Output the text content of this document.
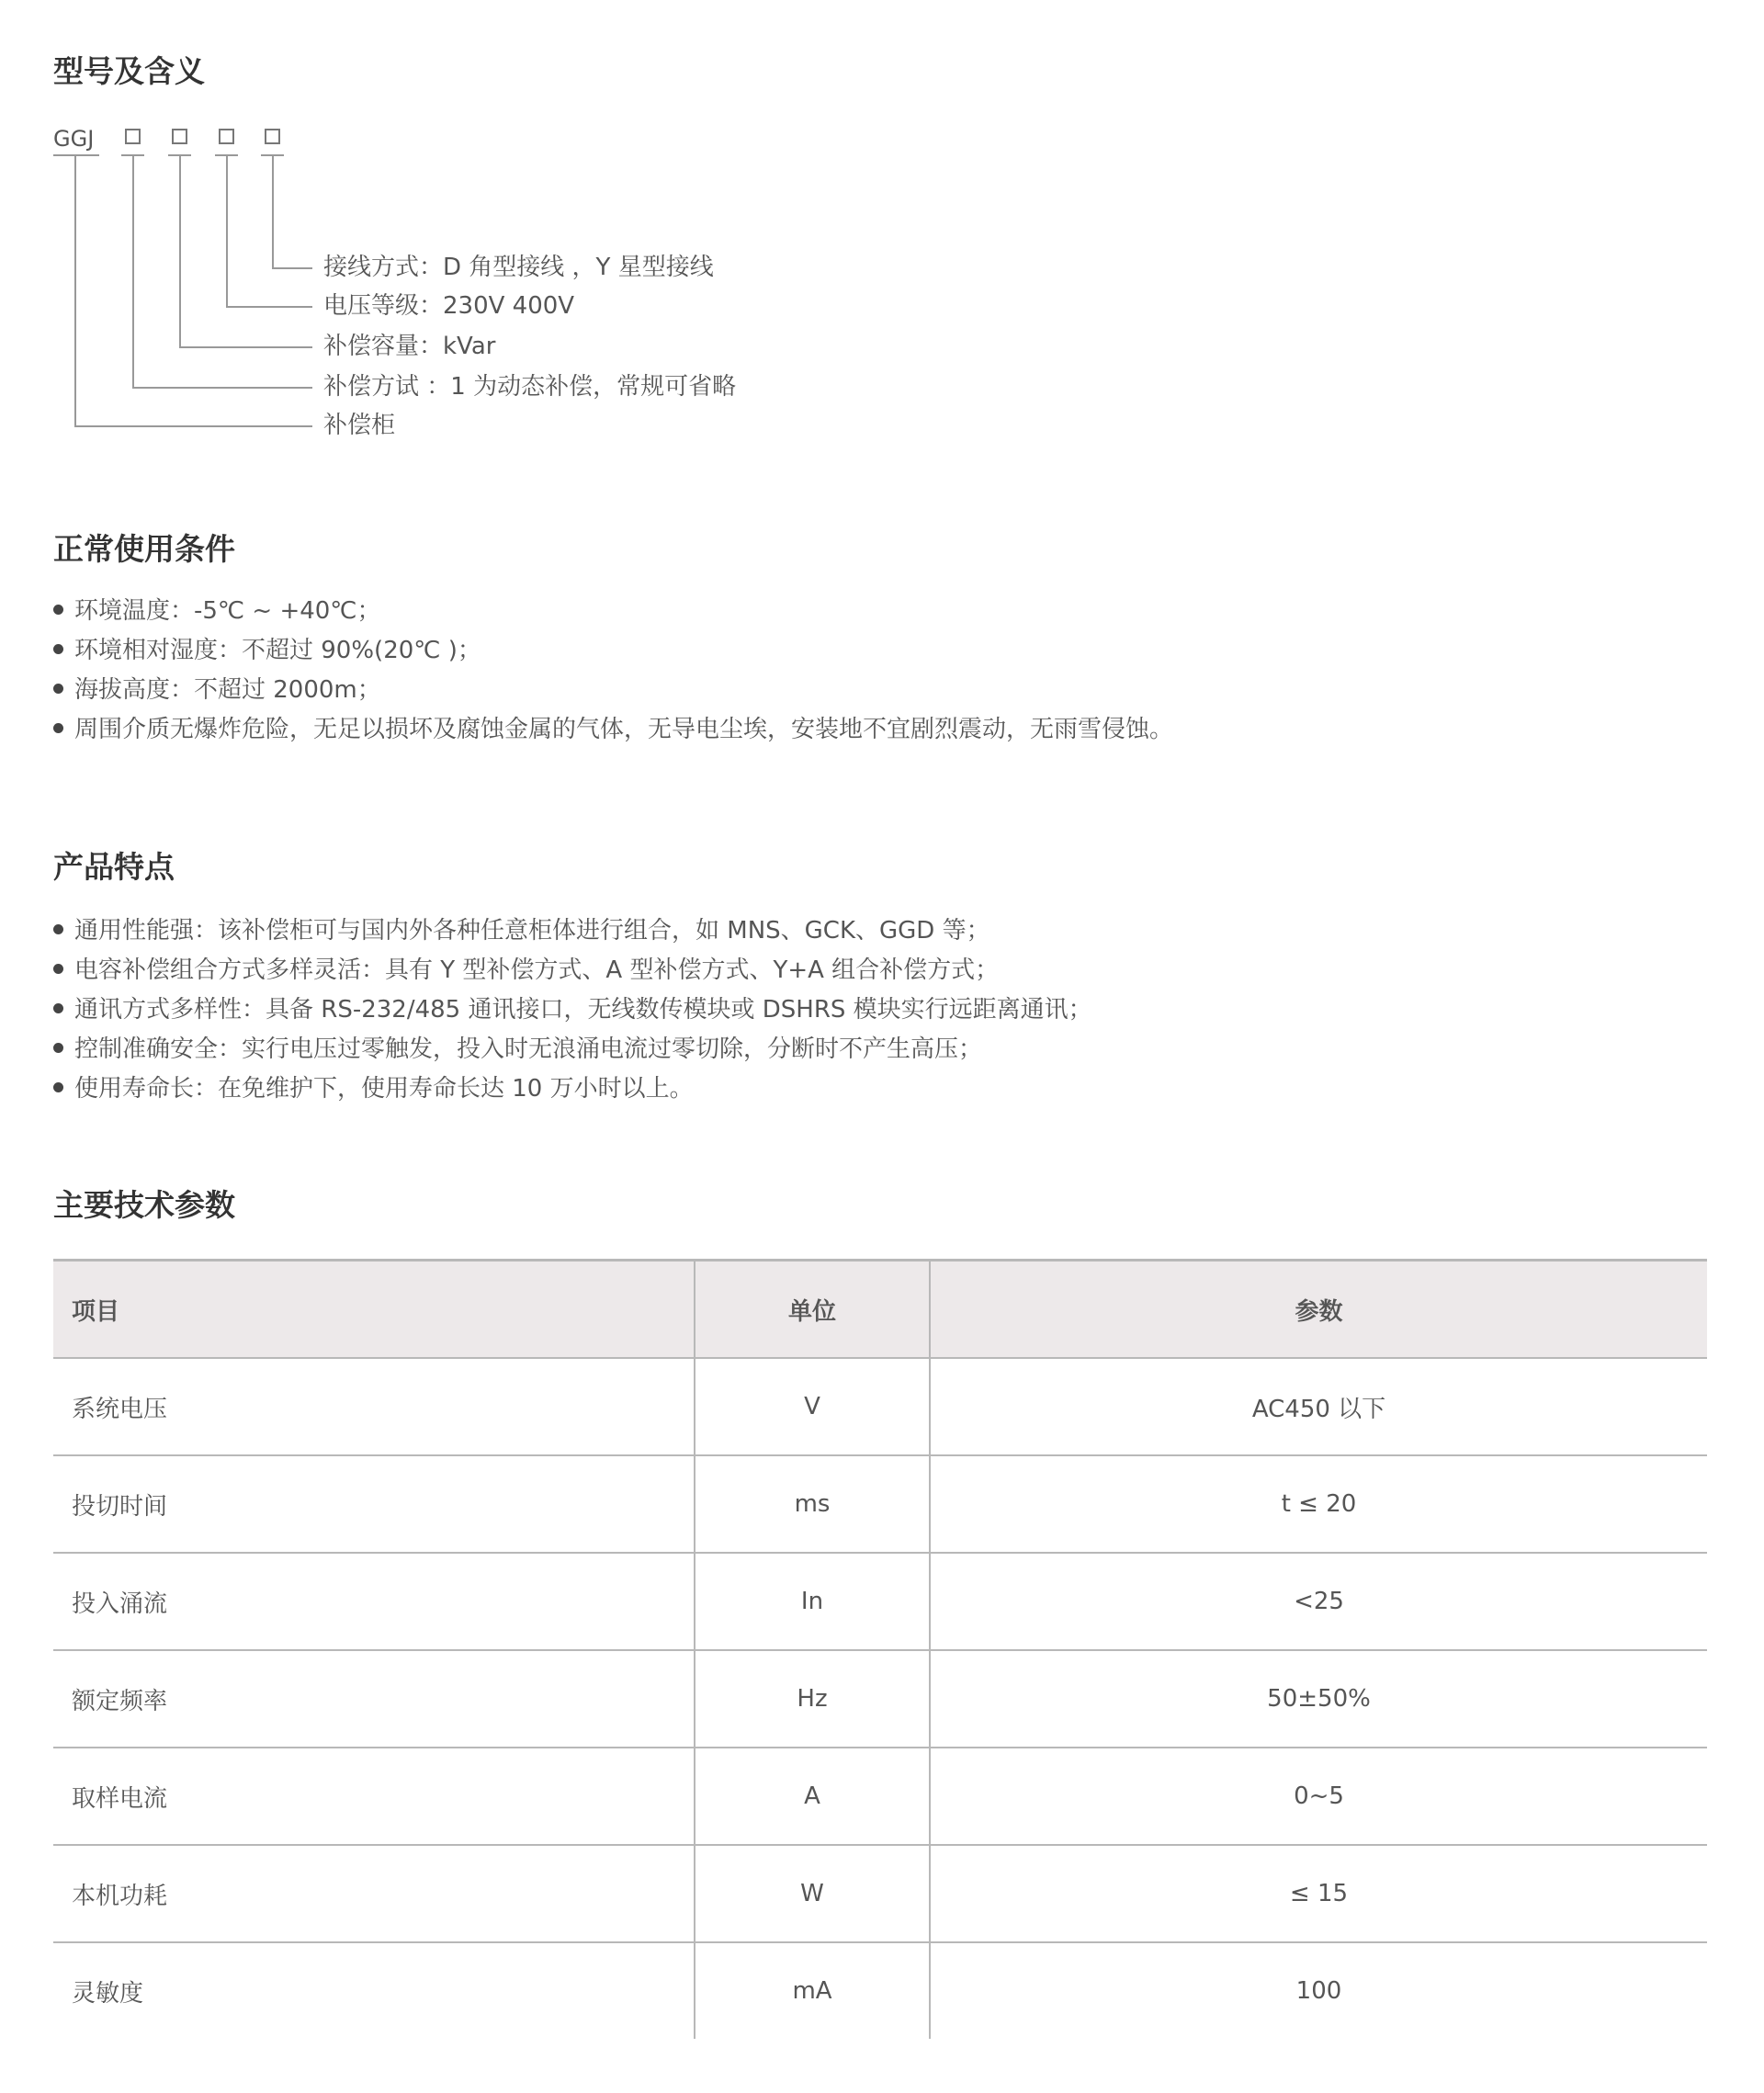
型号及含义
GGJ
接线方式：D 角型接线 ，Y 星型接线
电压等级：230V 400V
补偿容量：kVar
补偿方试 ：1 为动态补偿，常规可省略
补偿柜
正常使用条件
环境温度：-5℃ ~ +40℃；
环境相对湿度：不超过 90%(20℃ )；
海拔高度：不超过 2000m；
周围介质无爆炸危险，无足以损坏及腐蚀金属的气体，无导电尘埃，安装地不宜剧烈震动，无雨雪侵蚀。
产品特点
通用性能强：该补偿柜可与国内外各种任意柜体进行组合，如 MNS、GCK、GGD 等；
电容补偿组合方式多样灵活：具有 Y 型补偿方式、A 型补偿方式、Y+A 组合补偿方式；
通讯方式多样性：具备 RS-232/485 通讯接口，无线数传模块或 DSHRS 模块实行远距离通讯；
控制准确安全：实行电压过零触发，投入时无浪涌电流过零切除，分断时不产生高压；
使用寿命长：在免维护下，使用寿命长达 10 万小时以上。
主要技术参数
项目	单位	参数
系统电压	V	AC450 以下
投切时间	ms	t ≤ 20
投入涌流	In	<25
额定频率	Hz	50±50%
取样电流	A	0~5
本机功耗	W	≤ 15
灵敏度	mA	100
